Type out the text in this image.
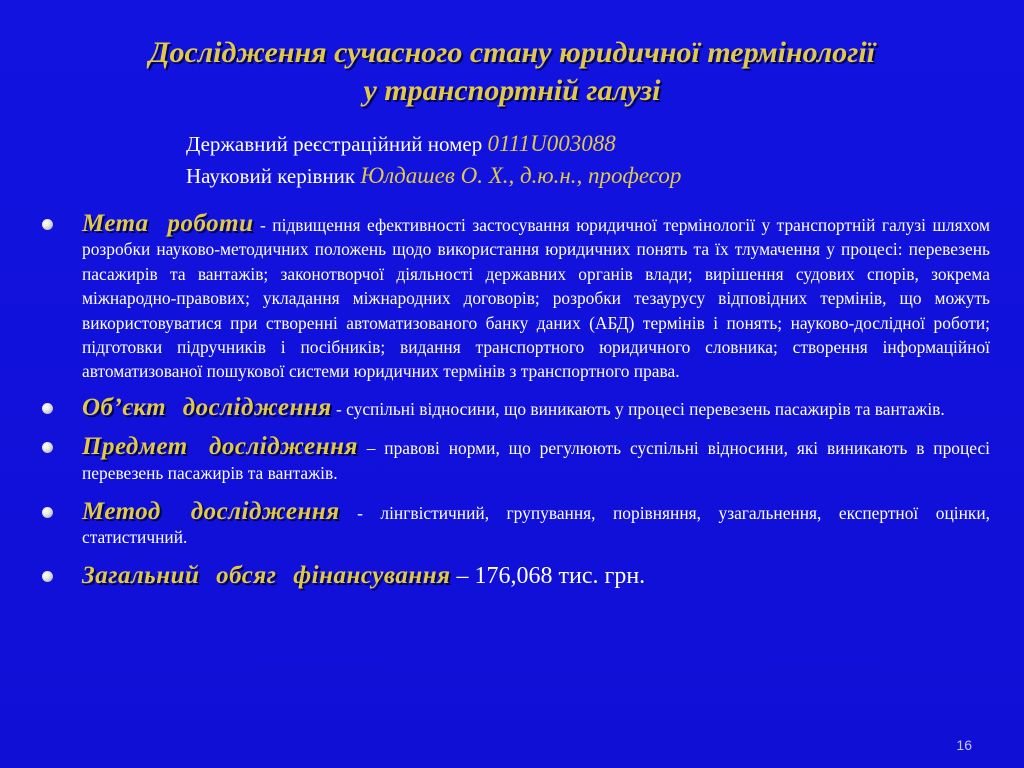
Дослідження сучасного стану юридичної термінології
у транспортній галузі
Державний реєстраційний номер 0111U003088
Науковий керівник Юлдашев О. Х., д.ю.н., професор
Мета роботи - підвищення ефективності застосування юридичної термінології у транспортній галузі шляхом розробки науково-методичних положень щодо використання юридичних понять та їх тлумачення у процесі: перевезень пасажирів та вантажів; законотворчої діяльності державних органів влади; вирішення судових спорів, зокрема міжнародно-правових; укладання міжнародних договорів; розробки тезаурусу відповідних термінів, що можуть використовуватися при створенні автоматизованого банку даних (АБД) термінів і понять; науково-дослідної роботи; підготовки підручників і посібників; видання транспортного юридичного словника; створення інформаційної автоматизованої пошукової системи юридичних термінів з транспортного права.
Об’єкт дослідження - суспільні відносини, що виникають у процесі перевезень пасажирів та вантажів.
Предмет дослідження – правові норми, що регулюють суспільні відносини, які виникають в процесі перевезень пасажирів та вантажів.
Метод дослідження - лінгвістичний, групування, порівняння, узагальнення, експертної оцінки, статистичний.
Загальний обсяг фінансування – 176,068 тис. грн.
16
